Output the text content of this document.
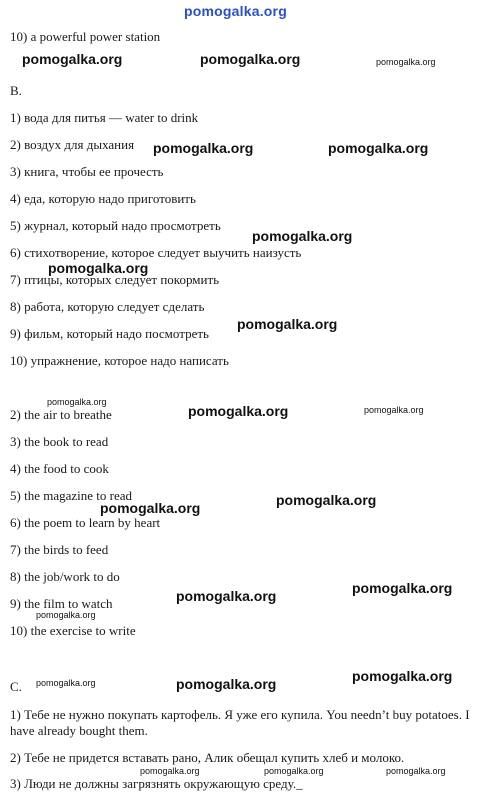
pomogalka.org
10) a powerful power station
B.
1) вода для питья — water to drink
2) воздух для дыхания
3) книга, чтобы ее прочесть
4) еда, которую надо приготовить
5) журнал, который надо просмотреть
6) стихотворение, которое следует выучить наизусть
7) птицы, которых следует покормить
8) работа, которую следует сделать
9) фильм, который надо посмотреть
10) упражнение, которое надо написать
2) the air to breathe
3) the book to read
4) the food to cook
5) the magazine to read
6) the poem to learn by heart
7) the birds to feed
8) the job/work to do
9) the film to watch
10) the exercise to write
C.
1) Тебе не нужно покупать картофель. Я уже его купила. You needn’t buy potatoes. I have already bought them.
2) Тебе не придется вставать рано, Алик обещал купить хлеб и молоко.
3) Люди не должны загрязнять окружающую среду._
pomogalka.org	pomogalka.org	pomogalka.org
pomogalka.org	pomogalka.org
pomogalka.org
pomogalka.org
pomogalka.org
pomogalka.org
pomogalka.org	pomogalka.org
pomogalka.org
pomogalka.org
pomogalka.org
pomogalka.org
pomogalka.org
pomogalka.org
pomogalka.org	pomogalka.org
pomogalka.org	pomogalka.org	pomogalka.org
